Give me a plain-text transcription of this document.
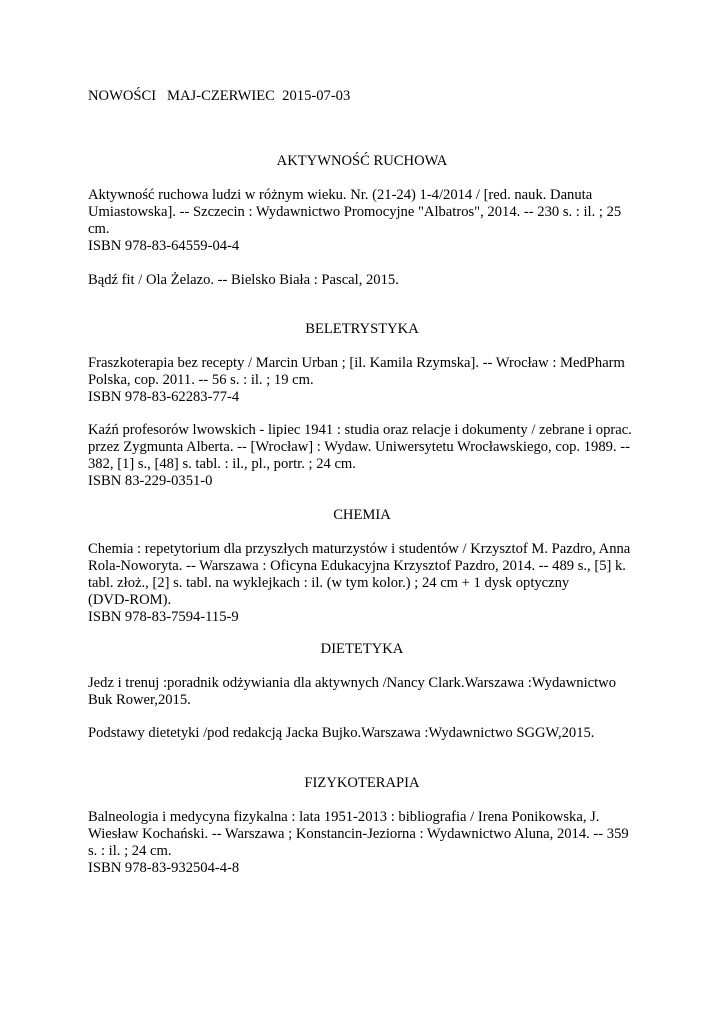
NOWOŚCI   MAJ-CZERWIEC  2015-07-03
AKTYWNOŚĆ RUCHOWA
Aktywność ruchowa ludzi w różnym wieku. Nr. (21-24) 1-4/2014 / [red. nauk. Danuta
Umiastowska]. -- Szczecin : Wydawnictwo Promocyjne "Albatros", 2014. -- 230 s. : il. ; 25
cm.
ISBN 978-83-64559-04-4
Bądź fit / Ola Żelazo. -- Bielsko Biała : Pascal, 2015.
BELETRYSTYKA
Fraszkoterapia bez recepty / Marcin Urban ; [il. Kamila Rzymska]. -- Wrocław : MedPharm
Polska, cop. 2011. -- 56 s. : il. ; 19 cm.
ISBN 978-83-62283-77-4
Kaźń profesorów lwowskich - lipiec 1941 : studia oraz relacje i dokumenty / zebrane i oprac.
przez Zygmunta Alberta. -- [Wrocław] : Wydaw. Uniwersytetu Wrocławskiego, cop. 1989. --
382, [1] s., [48] s. tabl. : il., pl., portr. ; 24 cm.
ISBN 83-229-0351-0
CHEMIA
Chemia : repetytorium dla przyszłych maturzystów i studentów / Krzysztof M. Pazdro, Anna
Rola-Noworyta. -- Warszawa : Oficyna Edukacyjna Krzysztof Pazdro, 2014. -- 489 s., [5] k.
tabl. złoż., [2] s. tabl. na wyklejkach : il. (w tym kolor.) ; 24 cm + 1 dysk optyczny
(DVD-ROM).
ISBN 978-83-7594-115-9
DIETETYKA
Jedz i trenuj :poradnik odżywiania dla aktywnych /Nancy Clark.Warszawa :Wydawnictwo
Buk Rower,2015.
Podstawy dietetyki /pod redakcją Jacka Bujko.Warszawa :Wydawnictwo SGGW,2015.
FIZYKOTERAPIA
Balneologia i medycyna fizykalna : lata 1951-2013 : bibliografia / Irena Ponikowska, J.
Wiesław Kochański. -- Warszawa ; Konstancin-Jeziorna : Wydawnictwo Aluna, 2014. -- 359
s. : il. ; 24 cm.
ISBN 978-83-932504-4-8
